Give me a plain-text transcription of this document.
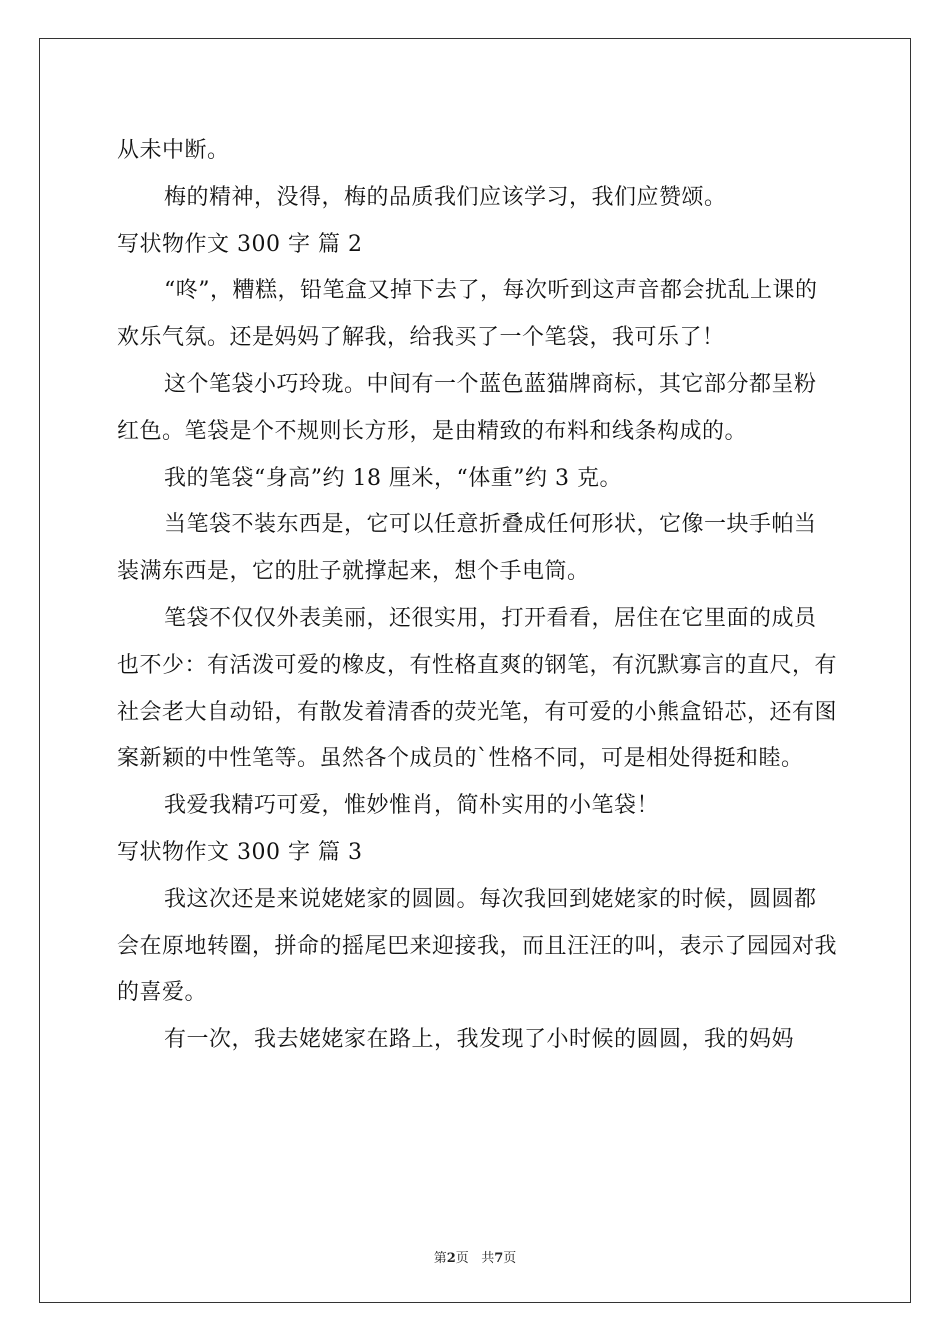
从未中断。

梅的精神，没得，梅的品质我们应该学习，我们应赞颂。

写状物作文 300 字 篇 2

“咚”，糟糕，铅笔盒又掉下去了，每次听到这声音都会扰乱上课的欢乐气氛。还是妈妈了解我，给我买了一个笔袋，我可乐了！

这个笔袋小巧玲珑。中间有一个蓝色蓝猫牌商标，其它部分都呈粉红色。笔袋是个不规则长方形，是由精致的布料和线条构成的。

我的笔袋“身高”约 18 厘米，“体重”约 3 克。

当笔袋不装东西是，它可以任意折叠成任何形状，它像一块手帕当装满东西是，它的肚子就撑起来，想个手电筒。

笔袋不仅仅外表美丽，还很实用，打开看看，居住在它里面的成员也不少：有活泼可爱的橡皮，有性格直爽的钢笔，有沉默寡言的直尺，有社会老大自动铅，有散发着清香的荧光笔，有可爱的小熊盒铅芯，还有图案新颖的中性笔等。虽然各个成员的`性格不同，可是相处得挺和睦。

我爱我精巧可爱，惟妙惟肖，简朴实用的小笔袋！

写状物作文 300 字 篇 3

我这次还是来说姥姥家的圆圆。每次我回到姥姥家的时候，圆圆都会在原地转圈，拼命的摇尾巴来迎接我，而且汪汪的叫，表示了园园对我的喜爱。

有一次，我去姥姥家在路上，我发现了小时候的圆圆，我的妈妈

第2页 共7页
